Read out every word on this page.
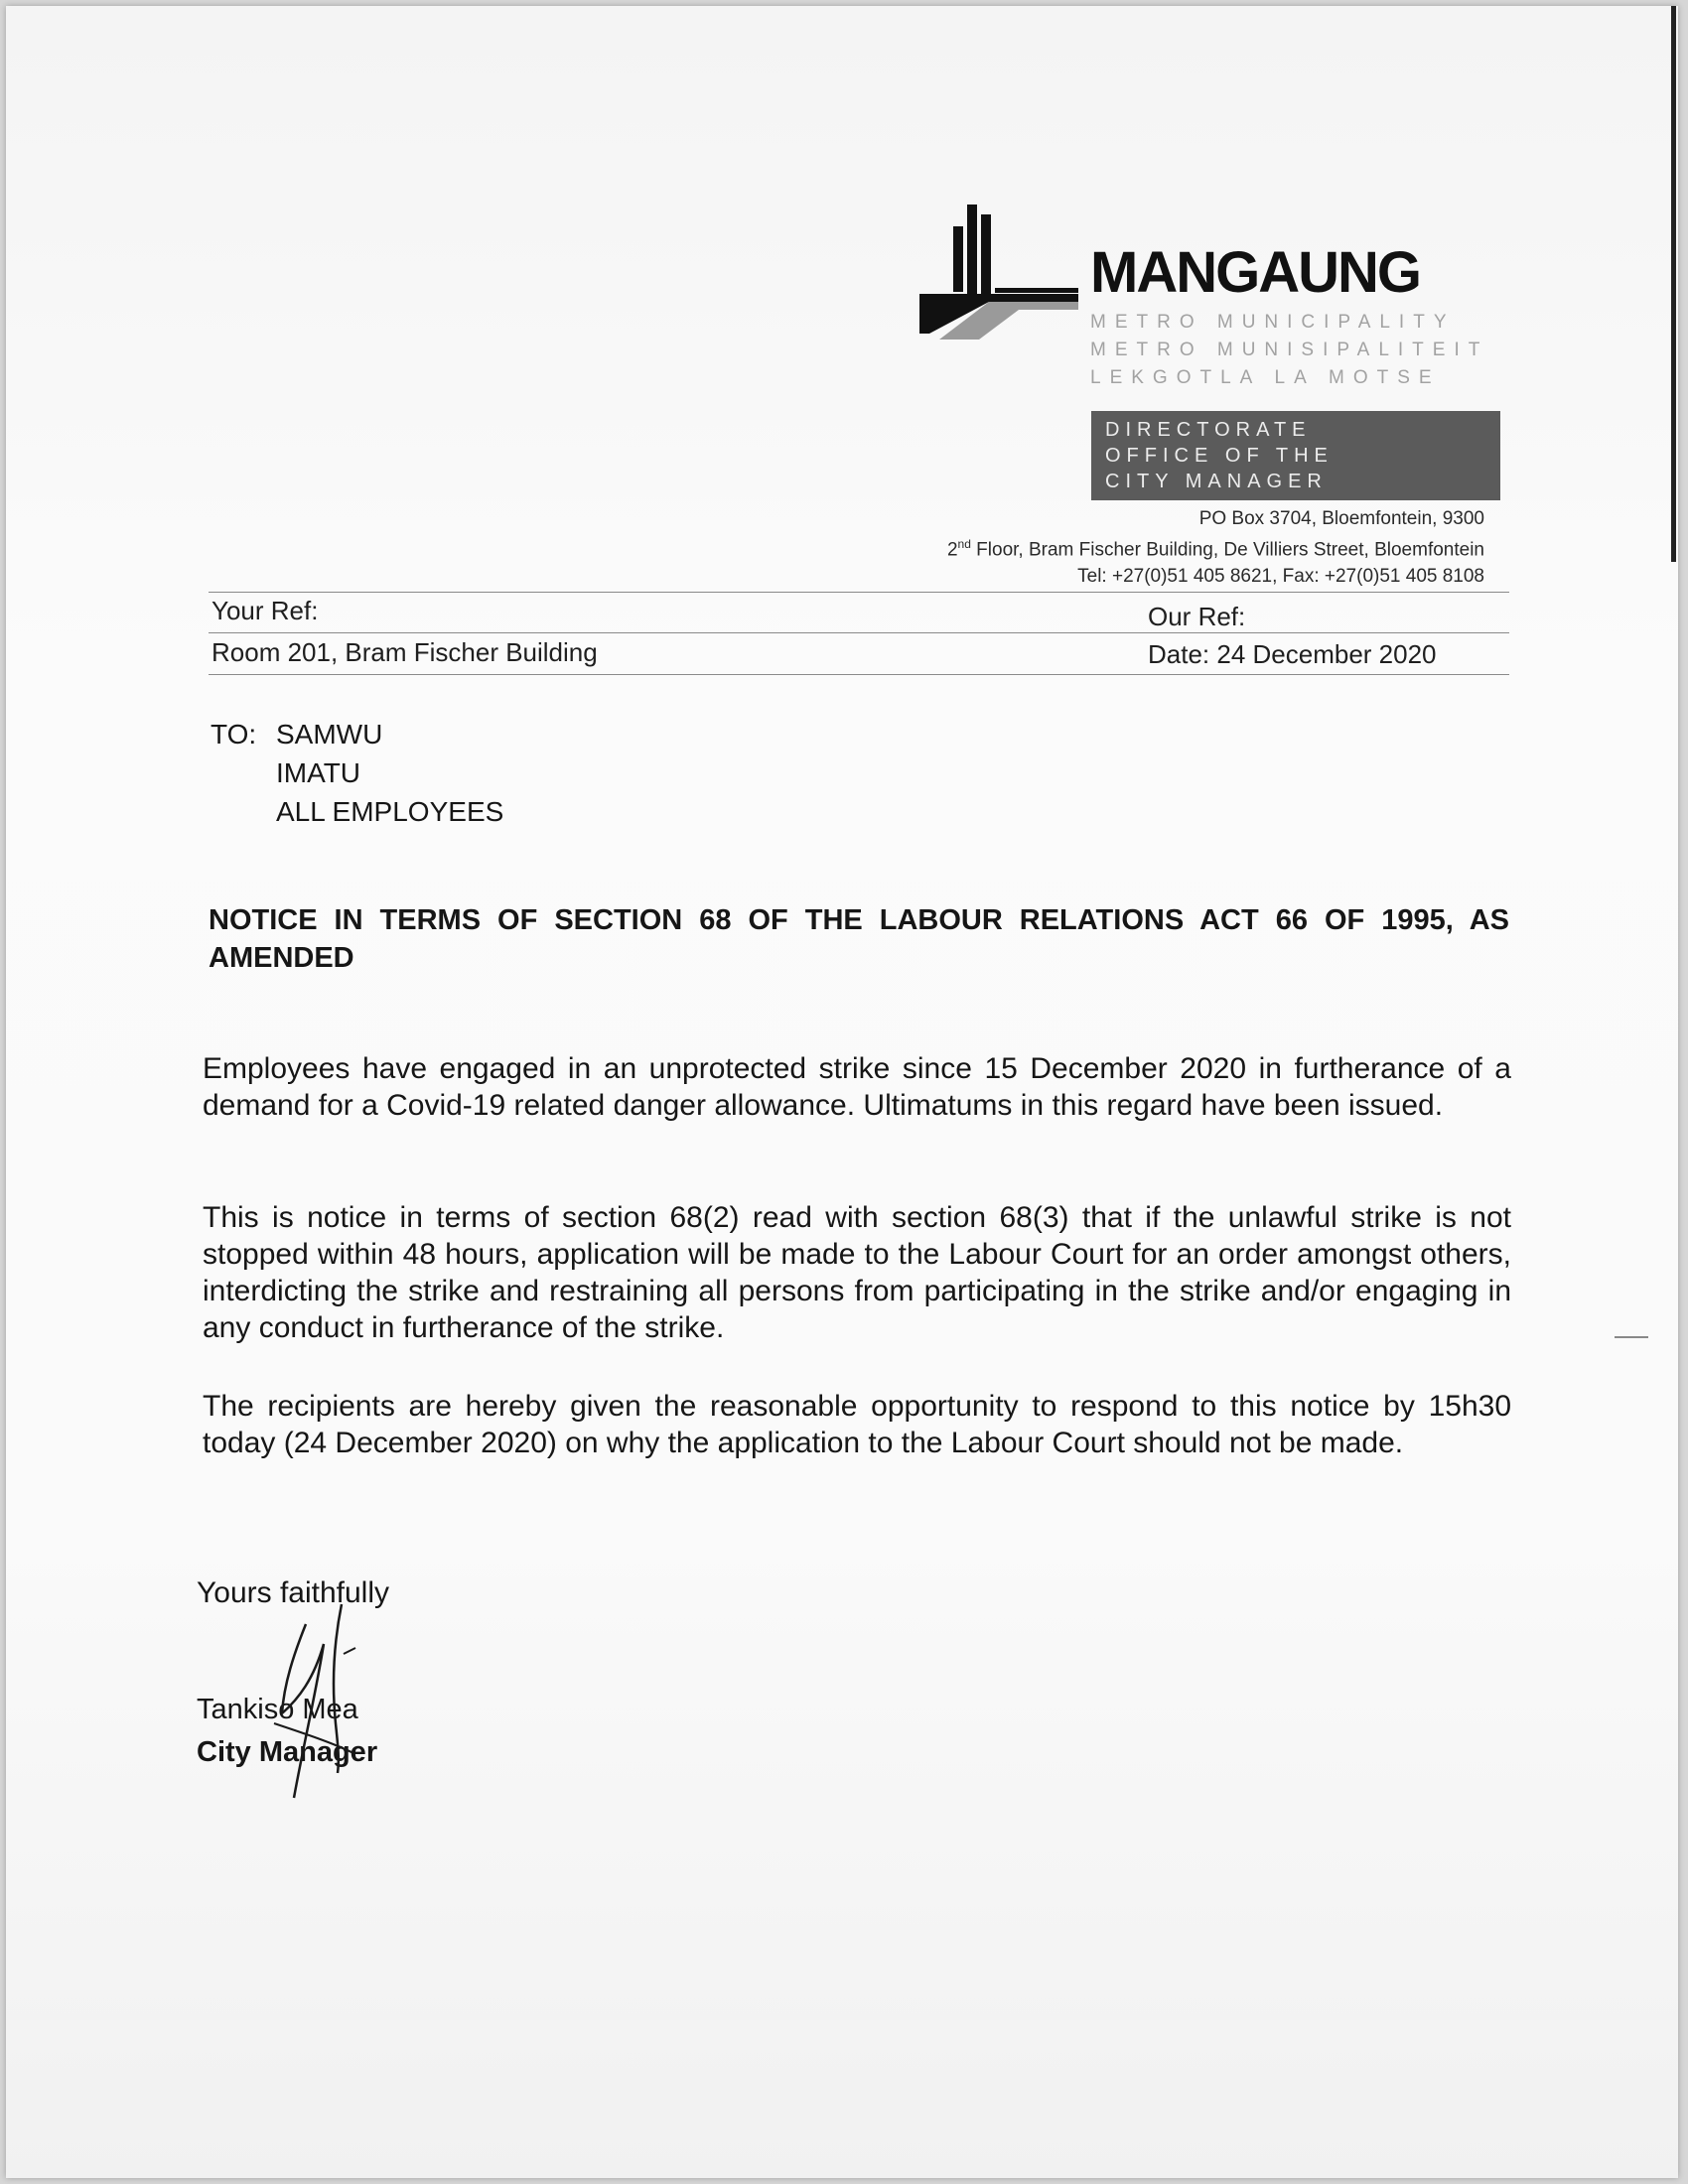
MANGAUNG
METRO MUNICIPALITY
METRO MUNISIPALITEIT
LEKGOTLA LA MOTSE
DIRECTORATE
OFFICE OF THE
CITY MANAGER
PO Box 3704, Bloemfontein, 9300
2nd Floor, Bram Fischer Building, De Villiers Street, Bloemfontein
Tel: +27(0)51 405 8621, Fax: +27(0)51 405 8108
Your Ref:	Our Ref:
Room 201, Bram Fischer Building	Date: 24 December 2020
TO: SAMWU
IMATU
ALL EMPLOYEES
NOTICE IN TERMS OF SECTION 68 OF THE LABOUR RELATIONS ACT 66 OF 1995, AS AMENDED
Employees have engaged in an unprotected strike since 15 December 2020 in furtherance of a demand for a Covid-19 related danger allowance. Ultimatums in this regard have been issued.
This is notice in terms of section 68(2) read with section 68(3) that if the unlawful strike is not stopped within 48 hours, application will be made to the Labour Court for an order amongst others, interdicting the strike and restraining all persons from participating in the strike and/or engaging in any conduct in furtherance of the strike.
The recipients are hereby given the reasonable opportunity to respond to this notice by 15h30 today (24 December 2020) on why the application to the Labour Court should not be made.
Yours faithfully
Tankiso Mea
City Manager
